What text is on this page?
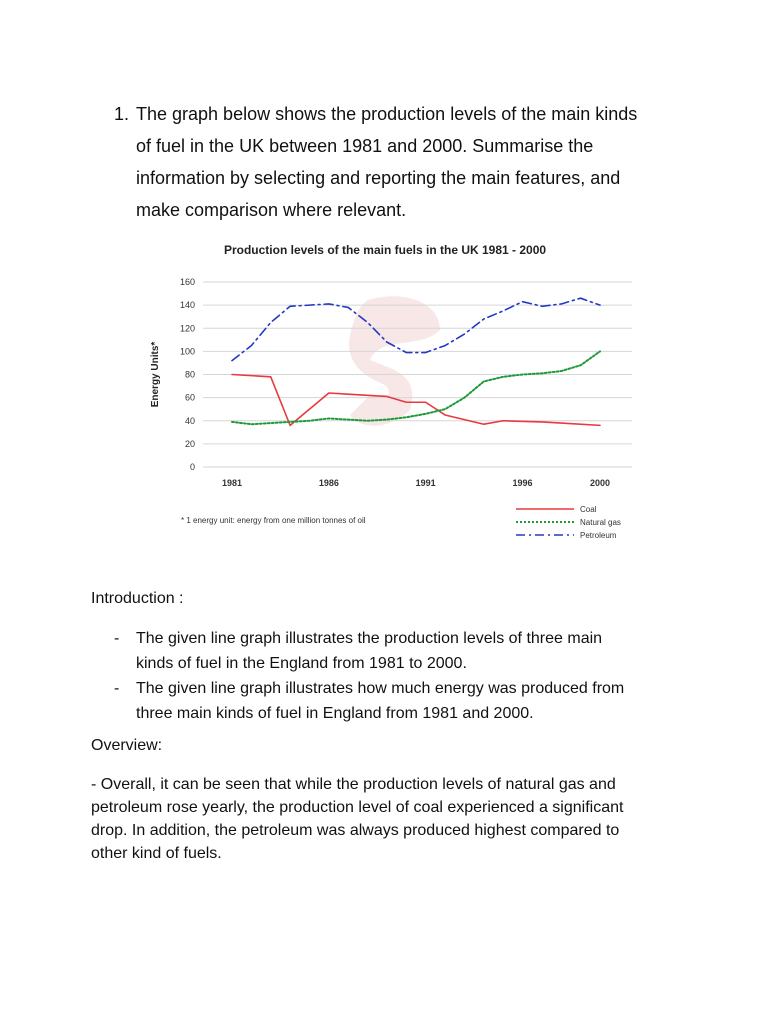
1. The graph below shows the production levels of the main kinds
of fuel in the UK between 1981 and 2000. Summarise the
information by selecting and reporting the main features, and
make comparison where relevant.
Production levels of the main fuels in the UK 1981 - 2000
0
20
40
60
80
100
120
140
160
1981	1986	1991	1996	2000
Energy Units*
* 1 energy unit: energy from one million tonnes of oil
Coal
Natural gas
Petroleum
Introduction :

- The given line graph illustrates the production levels of three main
kinds of fuel in the England from 1981 to 2000.

- The given line graph illustrates how much energy was produced from
three main kinds of fuel in England from 1981 and 2000.

Overview:
- Overall, it can be seen that while the production levels of natural gas and
petroleum rose yearly, the production level of coal experienced a significant
drop. In addition, the petroleum was always produced highest compared to
other kind of fuels.
